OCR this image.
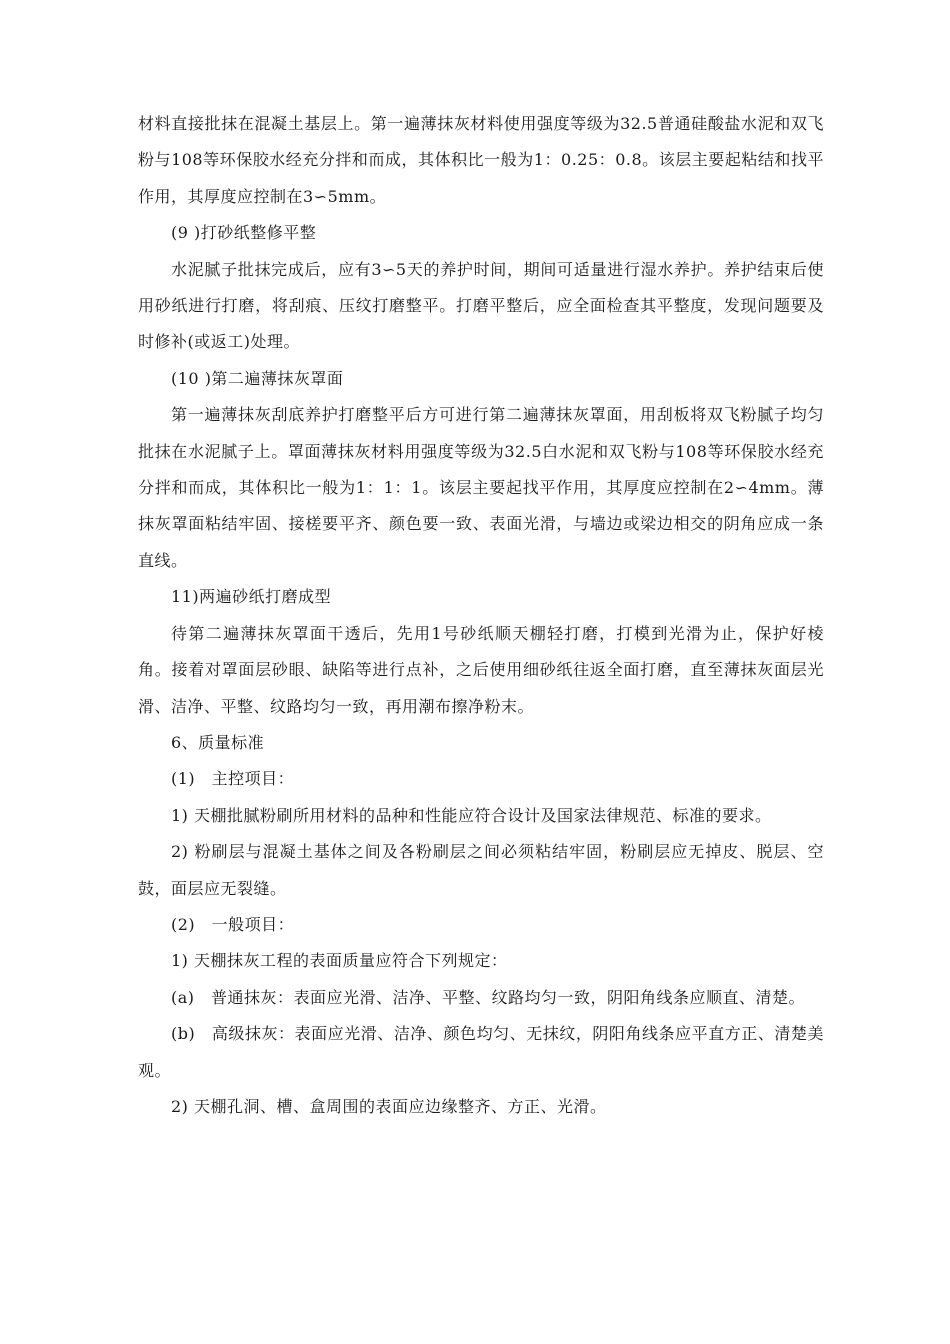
材料直接批抹在混凝土基层上。第一遍薄抹灰材料使用强度等级为32.5普通硅酸盐水泥和双飞粉与108等环保胶水经充分拌和而成，其体积比一般为1：0.25：0.8。该层主要起粘结和找平作用，其厚度应控制在3∽5mm。

(9 )打砂纸整修平整

水泥腻子批抹完成后，应有3∽5天的养护时间，期间可适量进行湿水养护。养护结束后使用砂纸进行打磨，将刮痕、压纹打磨整平。打磨平整后，应全面检查其平整度，发现问题要及时修补(或返工)处理。

(10 )第二遍薄抹灰罩面

第一遍薄抹灰刮底养护打磨整平后方可进行第二遍薄抹灰罩面，用刮板将双飞粉腻子均匀批抹在水泥腻子上。罩面薄抹灰材料用强度等级为32.5白水泥和双飞粉与108等环保胶水经充分拌和而成，其体积比一般为1：1：1。该层主要起找平作用，其厚度应控制在2∽4mm。薄抹灰罩面粘结牢固、接槎要平齐、颜色要一致、表面光滑，与墙边或梁边相交的阴角应成一条直线。

11)两遍砂纸打磨成型

待第二遍薄抹灰罩面干透后，先用1号砂纸顺天棚轻打磨，打模到光滑为止，保护好棱角。接着对罩面层砂眼、缺陷等进行点补，之后使用细砂纸往返全面打磨，直至薄抹灰面层光滑、洁净、平整、纹路均匀一致，再用潮布擦净粉末。

6、质量标准

(1)　主控项目：

1) 天棚批腻粉刷所用材料的品种和性能应符合设计及国家法律规范、标准的要求。

2) 粉刷层与混凝土基体之间及各粉刷层之间必须粘结牢固，粉刷层应无掉皮、脱层、空鼓，面层应无裂缝。

(2)　一般项目：

1) 天棚抹灰工程的表面质量应符合下列规定：

(a)　普通抹灰：表面应光滑、洁净、平整、纹路均匀一致，阴阳角线条应顺直、清楚。

(b)　高级抹灰：表面应光滑、洁净、颜色均匀、无抹纹，阴阳角线条应平直方正、清楚美观。

2) 天棚孔洞、槽、盒周围的表面应边缘整齐、方正、光滑。
